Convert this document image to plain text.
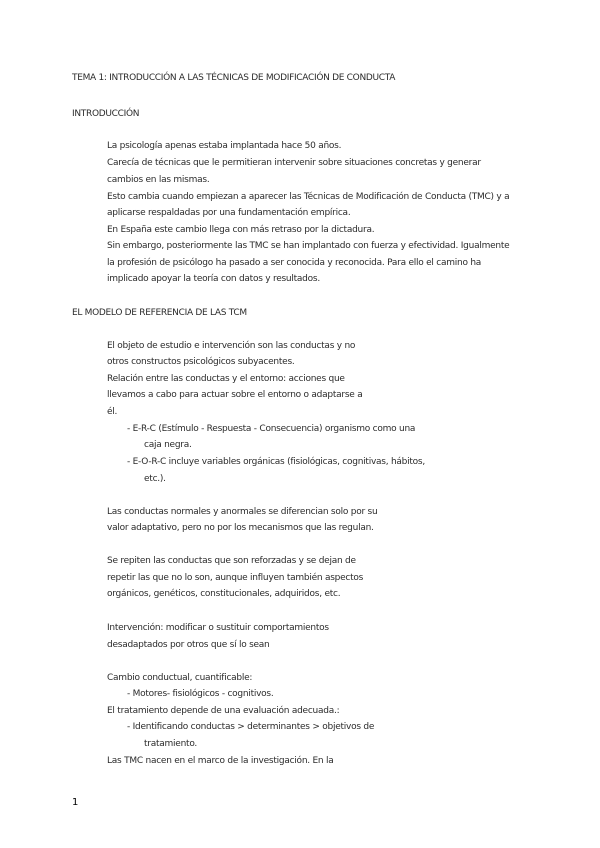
TEMA 1: INTRODUCCIÓN A LAS TÉCNICAS DE MODIFICACIÓN DE CONDUCTA
INTRODUCCIÓN
La psicología apenas estaba implantada hace 50 años.
Carecía de técnicas que le permitieran intervenir sobre situaciones concretas y generar
cambios en las mismas.
Esto cambia cuando empiezan a aparecer las Técnicas de Modificación de Conducta (TMC) y a
aplicarse respaldadas por una fundamentación empírica.
En España este cambio llega con más retraso por la dictadura.
Sin embargo, posteriormente las TMC se han implantado con fuerza y efectividad. Igualmente
la profesión de psicólogo ha pasado a ser conocida y reconocida. Para ello el camino ha
implicado apoyar la teoría con datos y resultados.
EL MODELO DE REFERENCIA DE LAS TCM
El objeto de estudio e intervención son las conductas y no
otros constructos psicológicos subyacentes.
Relación entre las conductas y el entorno: acciones que
llevamos a cabo para actuar sobre el entorno o adaptarse a
él.
- E-R-C (Estímulo - Respuesta - Consecuencia) organismo como una
caja negra.
- E-O-R-C incluye variables orgánicas (fisiológicas, cognitivas, hábitos,
etc.).
Las conductas normales y anormales se diferencian solo por su
valor adaptativo, pero no por los mecanismos que las regulan.
Se repiten las conductas que son reforzadas y se dejan de
repetir las que no lo son, aunque influyen también aspectos
orgánicos, genéticos, constitucionales, adquiridos, etc.
Intervención: modificar o sustituir comportamientos
desadaptados por otros que sí lo sean
Cambio conductual, cuantificable:
- Motores- fisiológicos - cognitivos.
El tratamiento depende de una evaluación adecuada.:
- Identificando conductas > determinantes > objetivos de
tratamiento.
Las TMC nacen en el marco de la investigación. En la
1
